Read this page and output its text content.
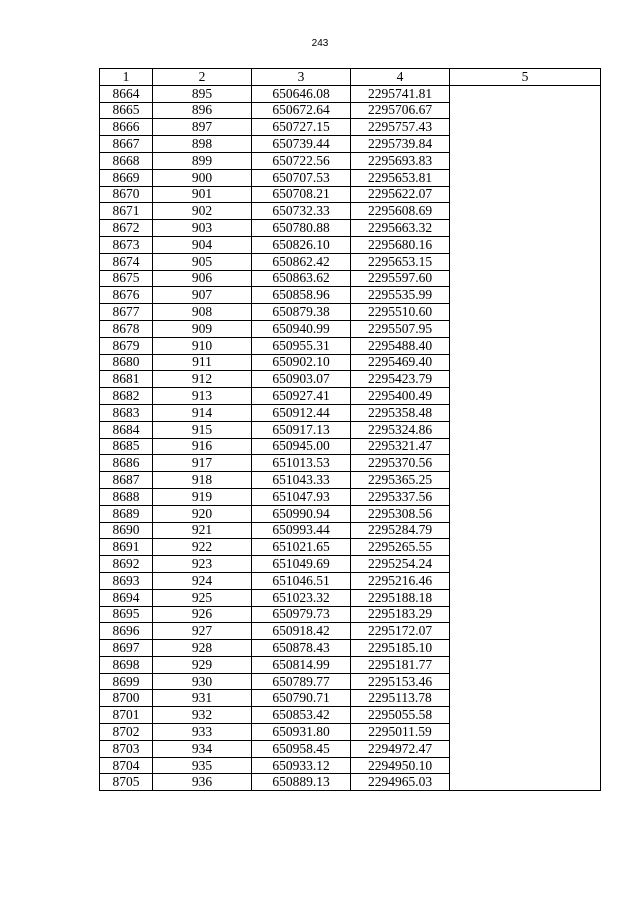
243
1	2	3	4	5
8664	895	650646.08	2295741.81	
8665	896	650672.64	2295706.67	
8666	897	650727.15	2295757.43	
8667	898	650739.44	2295739.84	
8668	899	650722.56	2295693.83	
8669	900	650707.53	2295653.81	
8670	901	650708.21	2295622.07	
8671	902	650732.33	2295608.69	
8672	903	650780.88	2295663.32	
8673	904	650826.10	2295680.16	
8674	905	650862.42	2295653.15	
8675	906	650863.62	2295597.60	
8676	907	650858.96	2295535.99	
8677	908	650879.38	2295510.60	
8678	909	650940.99	2295507.95	
8679	910	650955.31	2295488.40	
8680	911	650902.10	2295469.40	
8681	912	650903.07	2295423.79	
8682	913	650927.41	2295400.49	
8683	914	650912.44	2295358.48	
8684	915	650917.13	2295324.86	
8685	916	650945.00	2295321.47	
8686	917	651013.53	2295370.56	
8687	918	651043.33	2295365.25	
8688	919	651047.93	2295337.56	
8689	920	650990.94	2295308.56	
8690	921	650993.44	2295284.79	
8691	922	651021.65	2295265.55	
8692	923	651049.69	2295254.24	
8693	924	651046.51	2295216.46	
8694	925	651023.32	2295188.18	
8695	926	650979.73	2295183.29	
8696	927	650918.42	2295172.07	
8697	928	650878.43	2295185.10	
8698	929	650814.99	2295181.77	
8699	930	650789.77	2295153.46	
8700	931	650790.71	2295113.78	
8701	932	650853.42	2295055.58	
8702	933	650931.80	2295011.59	
8703	934	650958.45	2294972.47	
8704	935	650933.12	2294950.10	
8705	936	650889.13	2294965.03	
